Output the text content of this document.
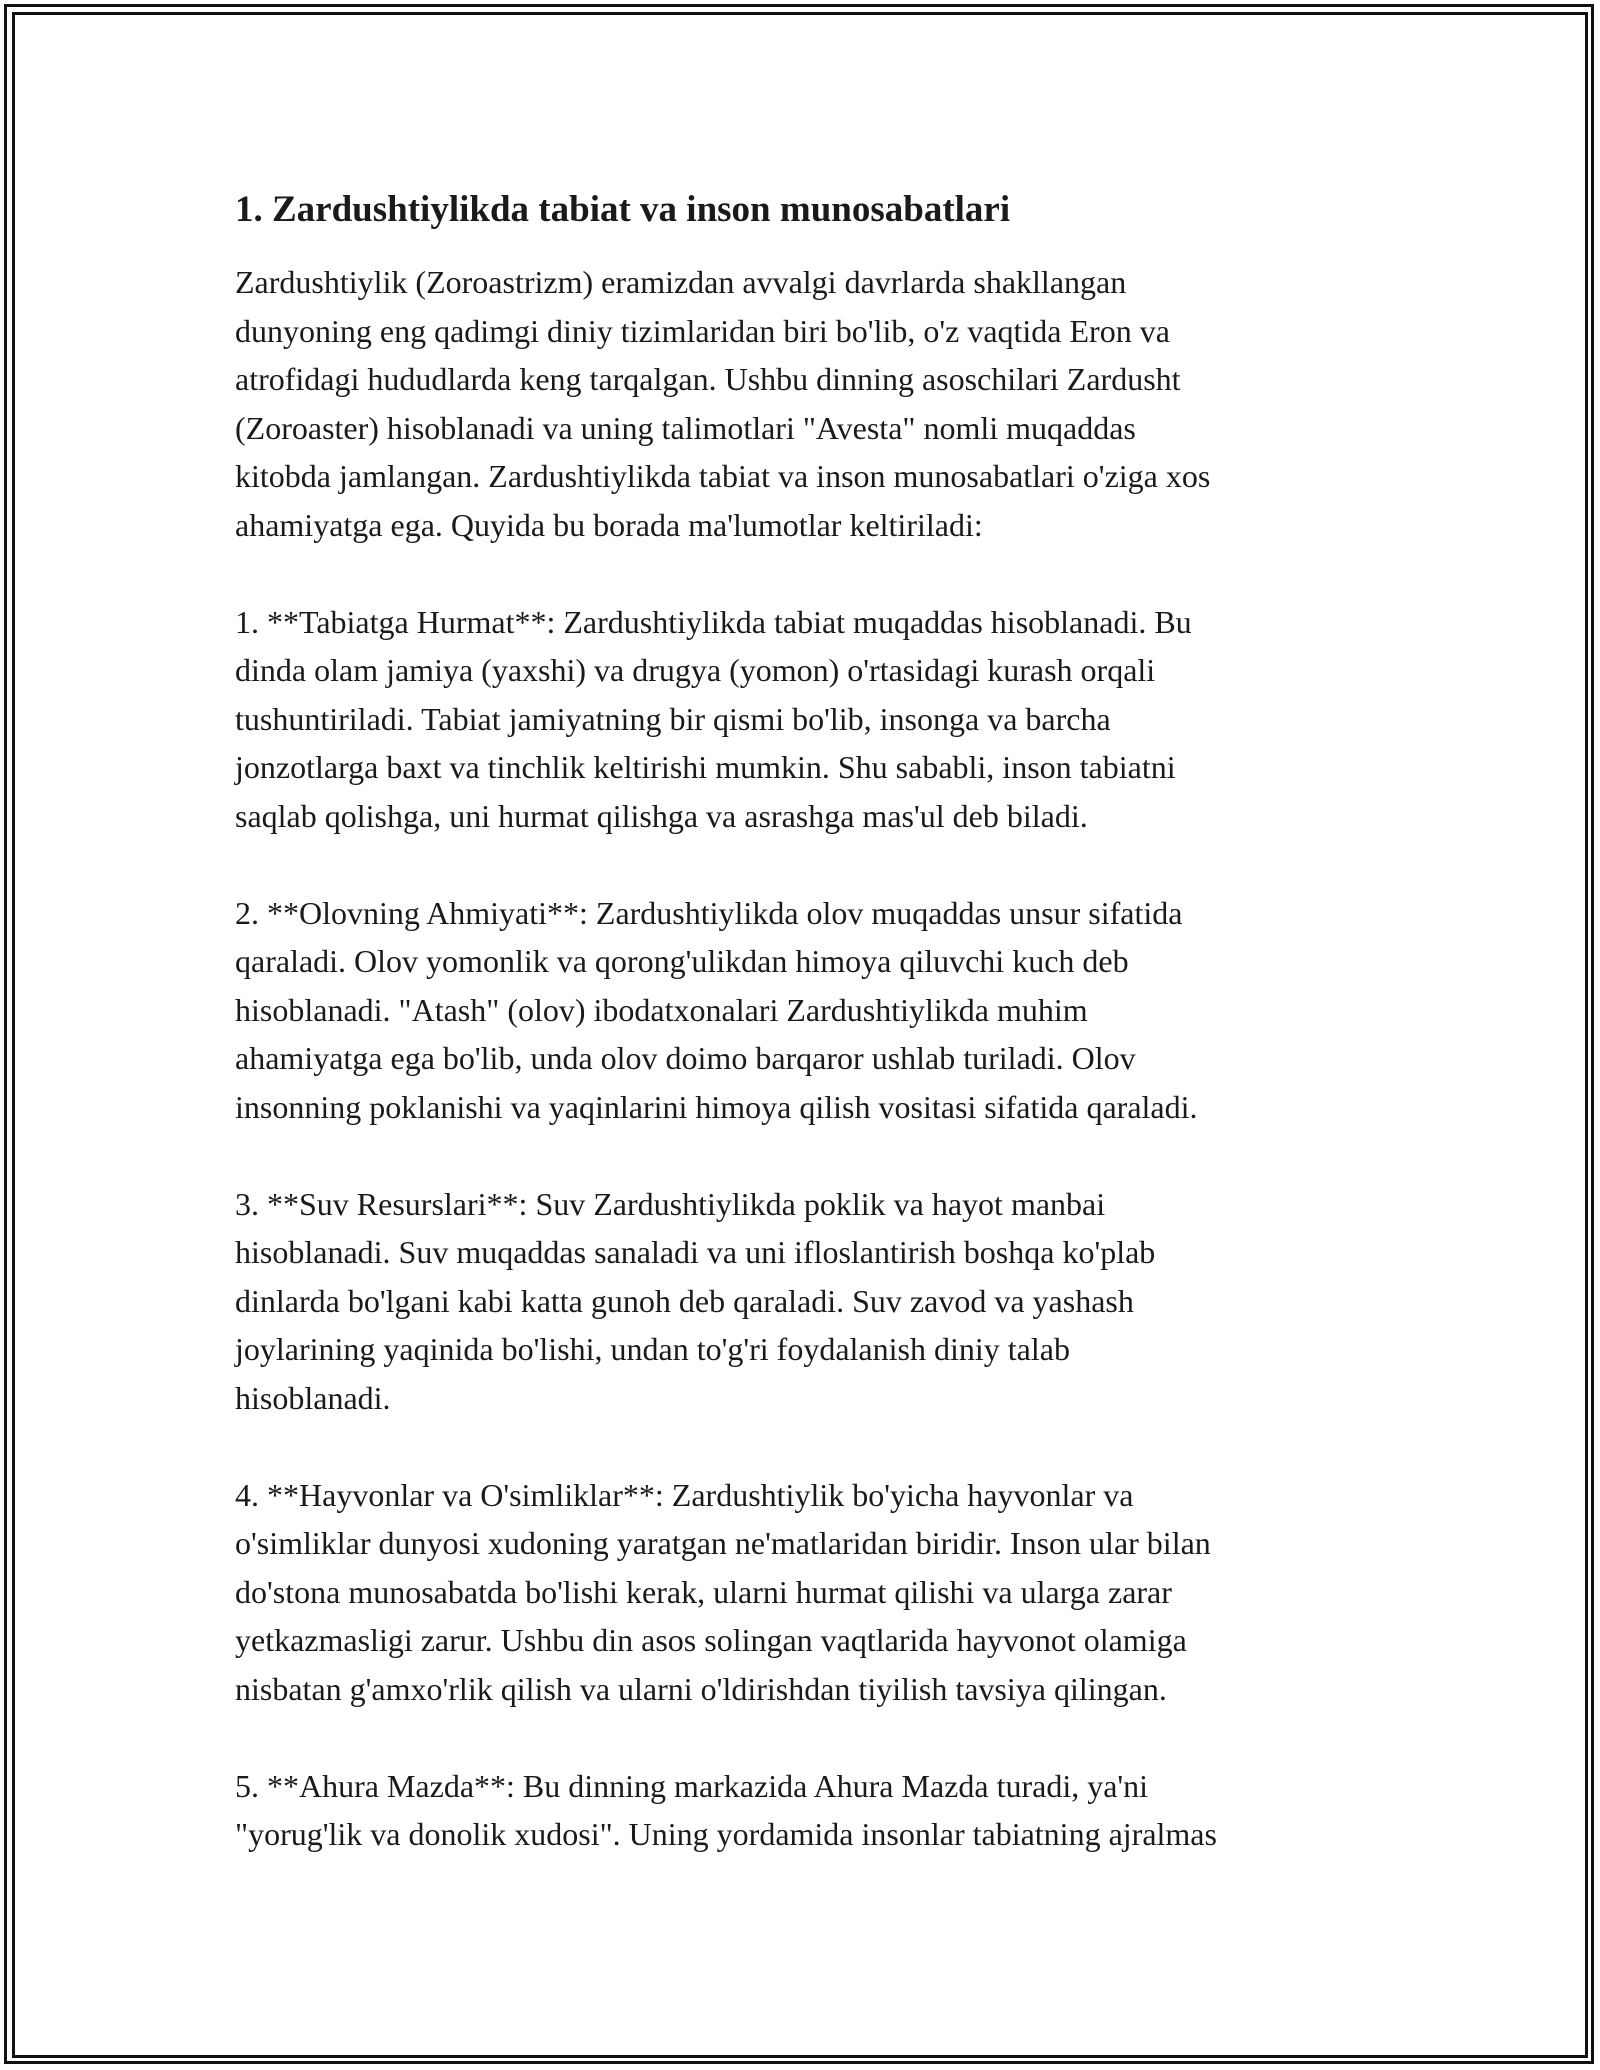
1. Zardushtiylikda tabiat va inson munosabatlari

Zardushtiylik (Zoroastrizm) eramizdan avvalgi davrlarda shakllangan
dunyoning eng qadimgi diniy tizimlaridan biri bo'lib, o'z vaqtida Eron va
atrofidagi hududlarda keng tarqalgan. Ushbu dinning asoschilari Zardusht
(Zoroaster) hisoblanadi va uning talimotlari "Avesta" nomli muqaddas
kitobda jamlangan. Zardushtiylikda tabiat va inson munosabatlari o'ziga xos
ahamiyatga ega. Quyida bu borada ma'lumotlar keltiriladi:

1. **Tabiatga Hurmat**: Zardushtiylikda tabiat muqaddas hisoblanadi. Bu
dinda olam jamiya (yaxshi) va drugya (yomon) o'rtasidagi kurash orqali
tushuntiriladi. Tabiat jamiyatning bir qismi bo'lib, insonga va barcha
jonzotlarga baxt va tinchlik keltirishi mumkin. Shu sababli, inson tabiatni
saqlab qolishga, uni hurmat qilishga va asrashga mas'ul deb biladi.

2. **Olovning Ahmiyati**: Zardushtiylikda olov muqaddas unsur sifatida
qaraladi. Olov yomonlik va qorong'ulikdan himoya qiluvchi kuch deb
hisoblanadi. "Atash" (olov) ibodatxonalari Zardushtiylikda muhim
ahamiyatga ega bo'lib, unda olov doimo barqaror ushlab turiladi. Olov
insonning poklanishi va yaqinlarini himoya qilish vositasi sifatida qaraladi.

3. **Suv Resurslari**: Suv Zardushtiylikda poklik va hayot manbai
hisoblanadi. Suv muqaddas sanaladi va uni ifloslantirish boshqa ko'plab
dinlarda bo'lgani kabi katta gunoh deb qaraladi. Suv zavod va yashash
joylarining yaqinida bo'lishi, undan to'g'ri foydalanish diniy talab
hisoblanadi.

4. **Hayvonlar va O'simliklar**: Zardushtiylik bo'yicha hayvonlar va
o'simliklar dunyosi xudoning yaratgan ne'matlaridan biridir. Inson ular bilan
do'stona munosabatda bo'lishi kerak, ularni hurmat qilishi va ularga zarar
yetkazmasligi zarur. Ushbu din asos solingan vaqtlarida hayvonot olamiga
nisbatan g'amxo'rlik qilish va ularni o'ldirishdan tiyilish tavsiya qilingan.

5. **Ahura Mazda**: Bu dinning markazida Ahura Mazda turadi, ya'ni
"yorug'lik va donolik xudosi". Uning yordamida insonlar tabiatning ajralmas
